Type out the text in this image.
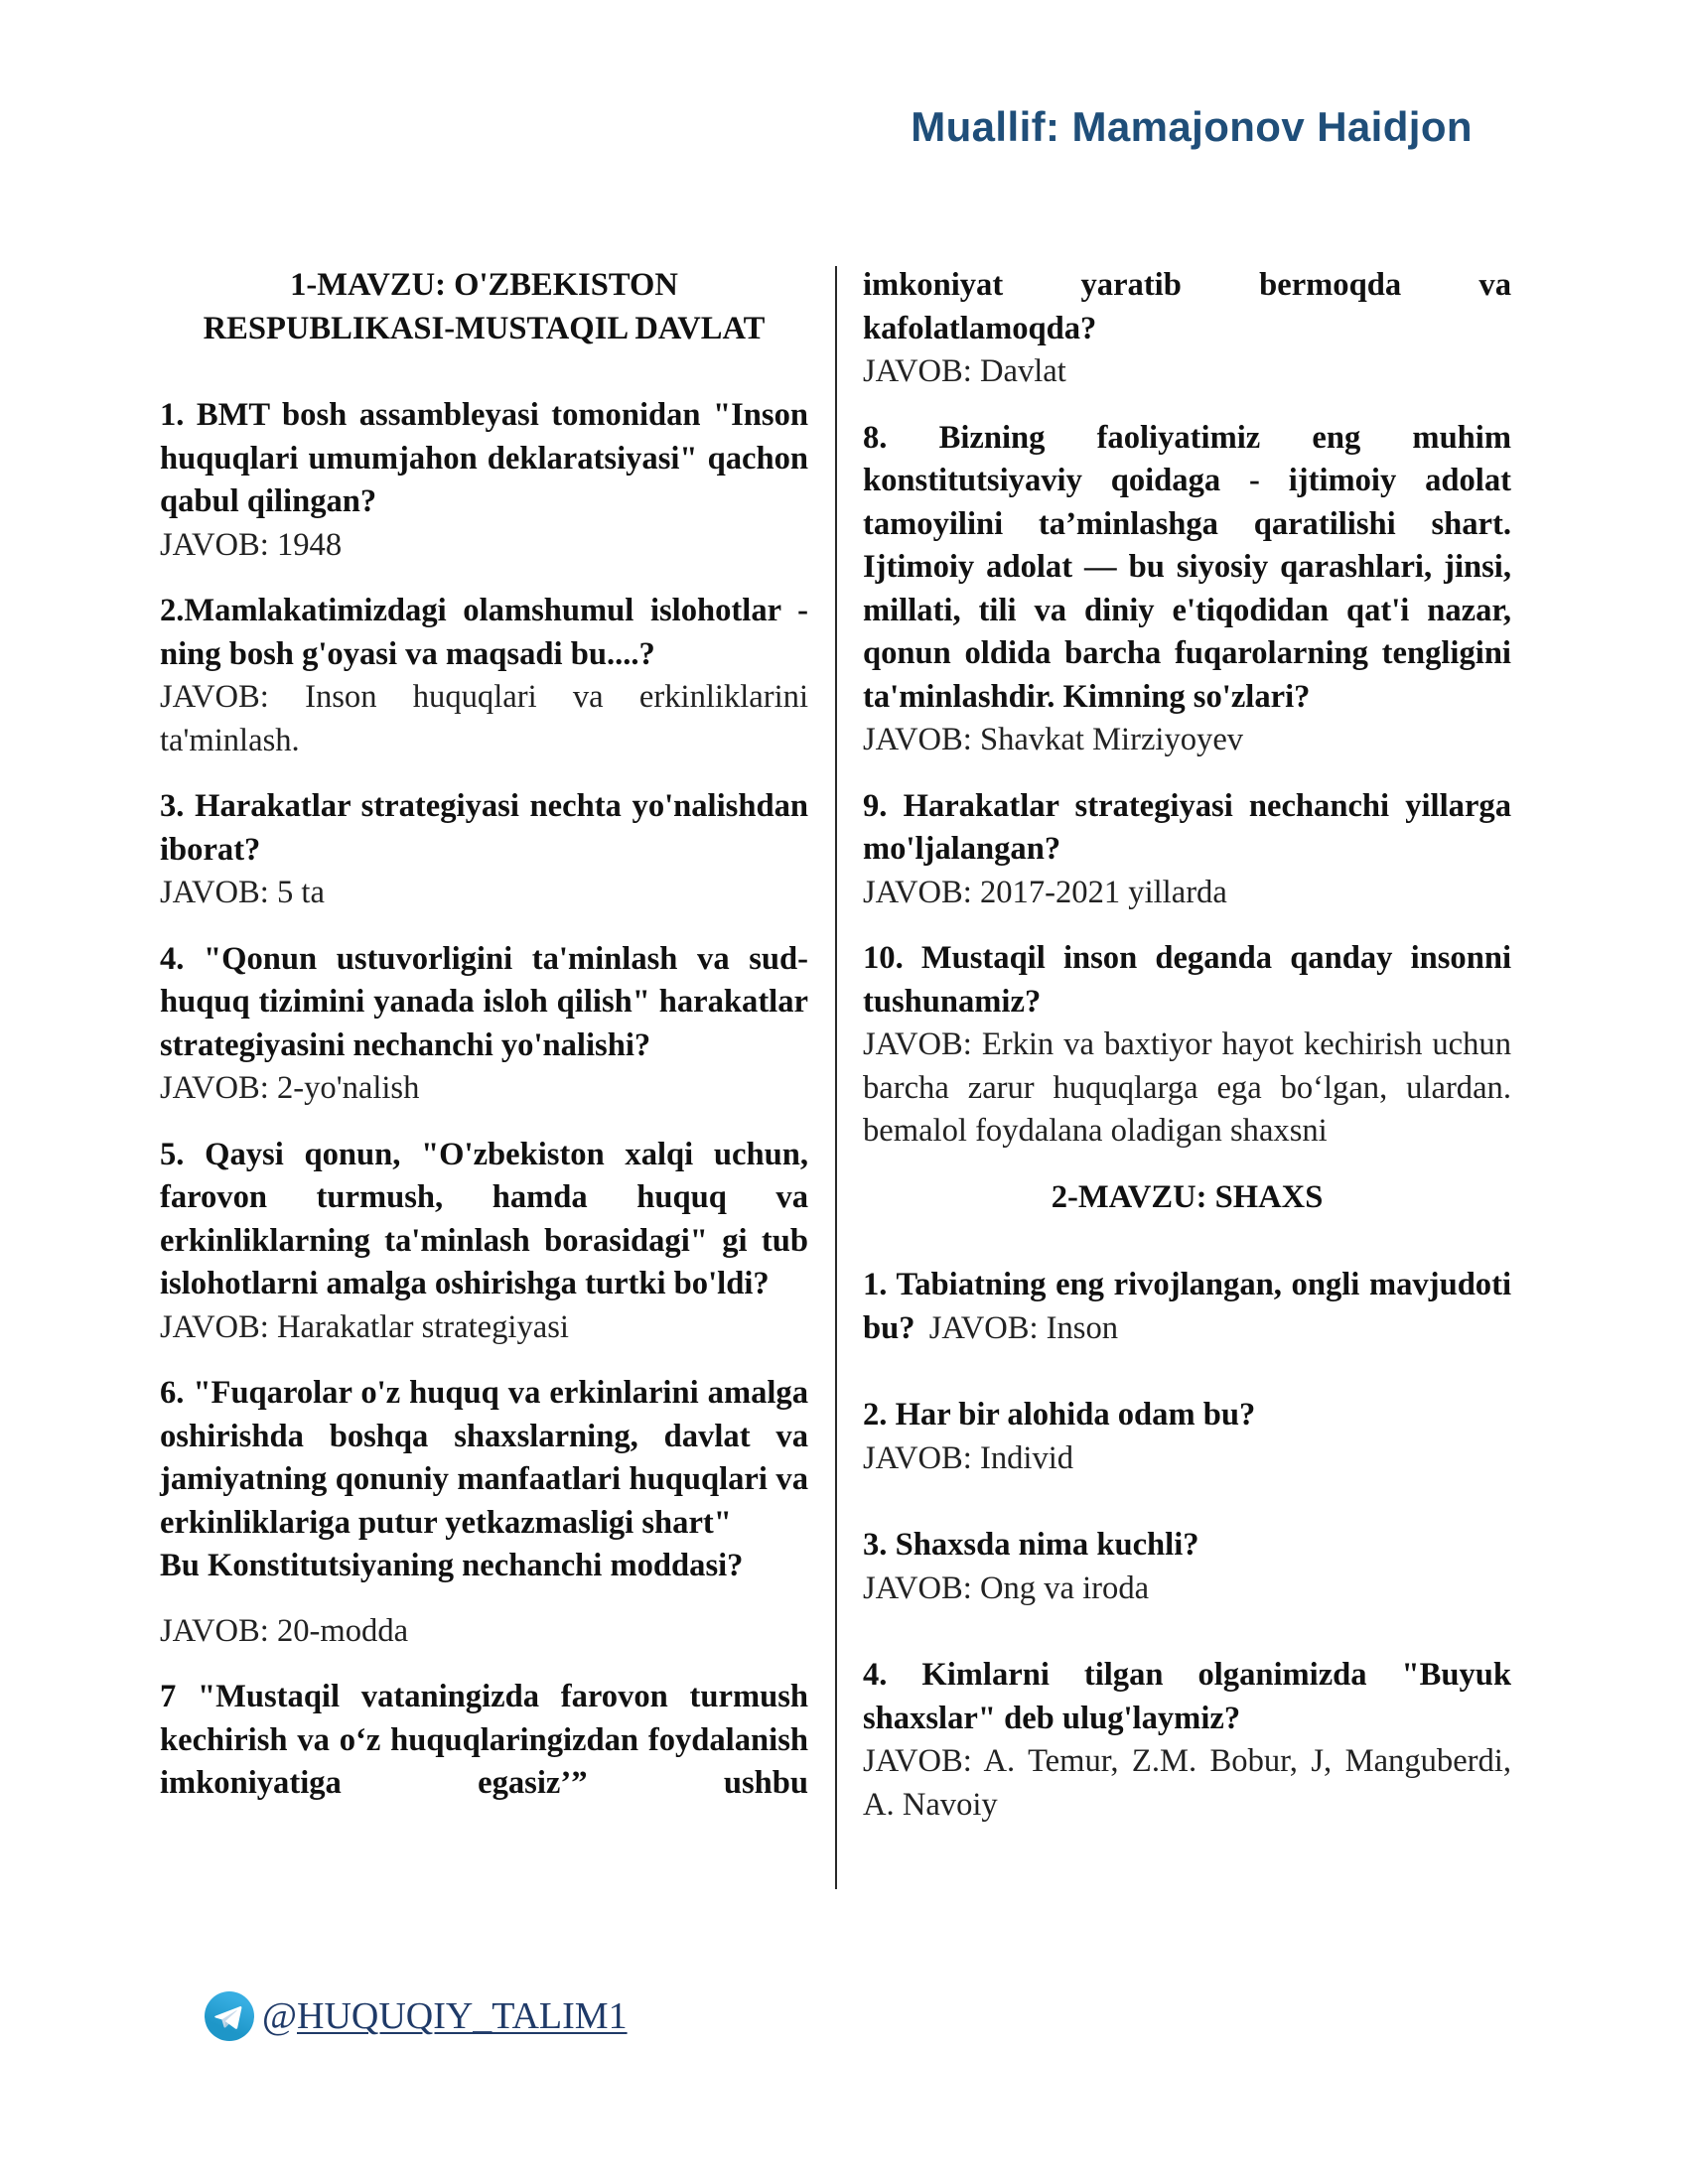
Muallif: Mamajonov Haidjon
1-MAVZU: O'ZBEKISTON
RESPUBLIKASI-MUSTAQIL DAVLAT

1. BMT bosh assambleyasi tomonidan "Inson huquqlari umumjahon deklaratsiyasi" qachon qabul qilingan?

JAVOB: 1948

2.Mamlakatimizdagi olamshumul islohotlar - ning bosh g'oyasi va maqsadi bu....?

JAVOB: Inson huquqlari va erkinliklarini ta'minlash.

3. Harakatlar strategiyasi nechta yo'nalishdan iborat?

JAVOB: 5 ta

4. "Qonun ustuvorligini ta'minlash va sud-huquq tizimini yanada isloh qilish" harakatlar strategiyasini nechanchi yo'nalishi?

JAVOB: 2-yo'nalish

5. Qaysi qonun, "O'zbekiston xalqi uchun, farovon turmush, hamda huquq va erkinliklarning ta'minlash borasidagi" gi tub islohotlarni amalga oshirishga turtki bo'ldi?

JAVOB: Harakatlar strategiyasi

6. "Fuqarolar o'z huquq va erkinlarini amalga oshirishda boshqa shaxslarning, davlat va jamiyatning qonuniy manfaatlari huquqlari va erkinliklariga putur yetkazmasligi shart"

Bu Konstitutsiyaning nechanchi moddasi?

JAVOB: 20-modda

7 "Mustaqil vataningizda farovon turmush kechirish va o‘z huquqlaringizdan foydalanish imkoniyatiga egasiz’” ushbu

imkoniyat yaratib bermoqda va kafolatlamoqda?

JAVOB: Davlat

8. Bizning faoliyatimiz eng muhim konstitutsiyaviy qoidaga - ijtimoiy adolat tamoyilini ta’minlashga qaratilishi shart. Ijtimoiy adolat — bu siyosiy qarashlari, jinsi, millati, tili va diniy e'tiqodidan qat'i nazar, qonun oldida barcha fuqarolarning tengligini ta'minlashdir. Kimning so'zlari?

JAVOB: Shavkat Mirziyoyev

9. Harakatlar strategiyasi nechanchi yillarga mo'ljalangan?

JAVOB: 2017-2021 yillarda

10. Mustaqil inson deganda qanday insonni tushunamiz?

JAVOB: Erkin va baxtiyor hayot kechirish uchun barcha zarur huquqlarga ega bo‘lgan, ulardan. bemalol foydalana oladigan shaxsni

2-MAVZU: SHAXS

1. Tabiatning eng rivojlangan, ongli mavjudoti bu? JAVOB: Inson

2. Har bir alohida odam bu?

JAVOB: Individ

3. Shaxsda nima kuchli?

JAVOB: Ong va iroda

4. Kimlarni tilgan olganimizda "Buyuk shaxslar" deb ulug'laymiz?

JAVOB: A. Temur, Z.M. Bobur, J, Manguberdi, A. Navoiy

@HUQUQIY_TALIM1
